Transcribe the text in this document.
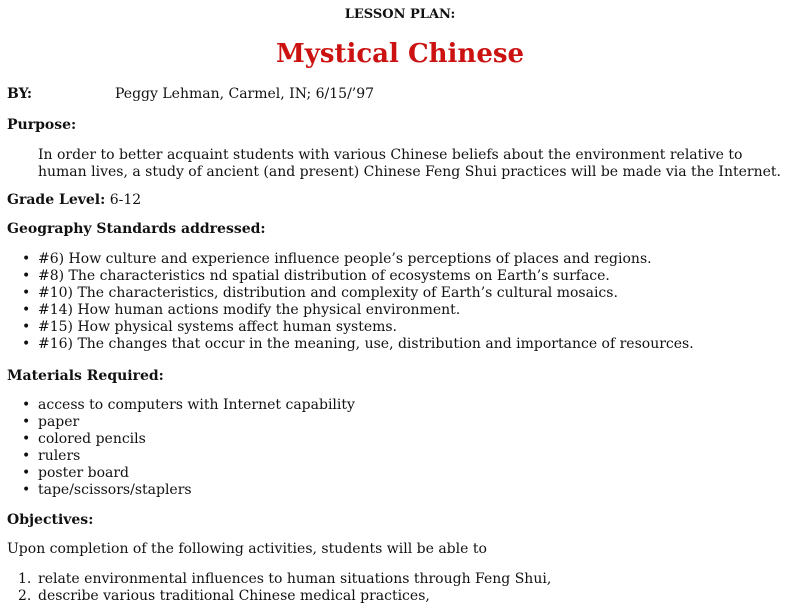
LESSON PLAN:
Mystical Chinese
BY:	Peggy Lehman, Carmel, IN; 6/15/’97
Purpose:
In order to better acquaint students with various Chinese beliefs about the environment relative to
human lives, a study of ancient (and present) Chinese Feng Shui practices will be made via the Internet.
Grade Level: 6-12
Geography Standards addressed:
• #6) How culture and experience influence people’s perceptions of places and regions.
• #8) The characteristics nd spatial distribution of ecosystems on Earth’s surface.
• #10) The characteristics, distribution and complexity of Earth’s cultural mosaics.
• #14) How human actions modify the physical environment.
• #15) How physical systems affect human systems.
• #16) The changes that occur in the meaning, use, distribution and importance of resources.
Materials Required:
• access to computers with Internet capability
• paper
• colored pencils
• rulers
• poster board
• tape/scissors/staplers
Objectives:
Upon completion of the following activities, students will be able to
1. relate environmental influences to human situations through Feng Shui,
2. describe various traditional Chinese medical practices,
